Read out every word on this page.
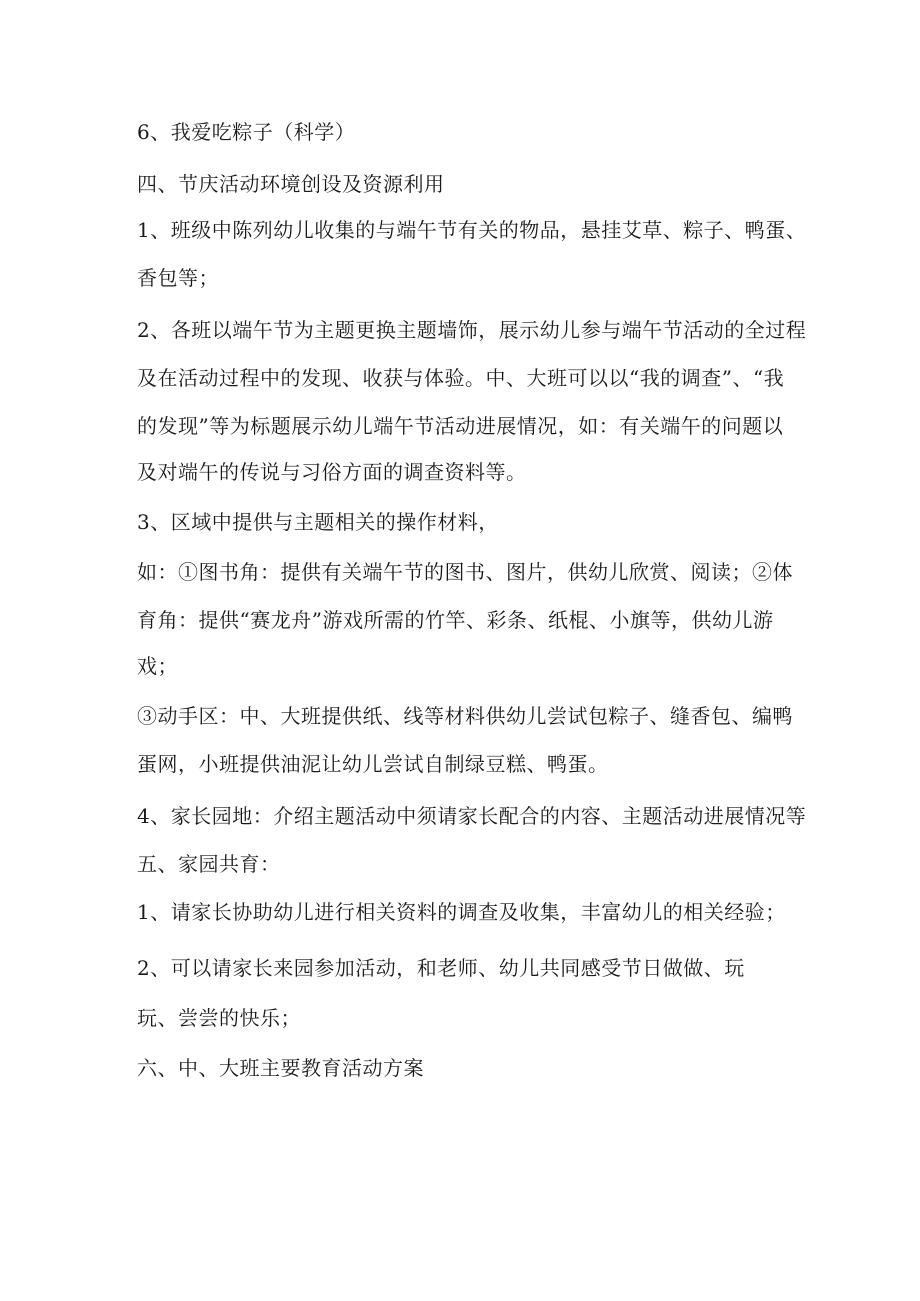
6、我爱吃粽子（科学）
四、节庆活动环境创设及资源利用
1、班级中陈列幼儿收集的与端午节有关的物品，悬挂艾草、粽子、鸭蛋、
香包等；
2、各班以端午节为主题更换主题墙饰，展示幼儿参与端午节活动的全过程
及在活动过程中的发现、收获与体验。中、大班可以以“我的调查”、“我
的发现”等为标题展示幼儿端午节活动进展情况，如：有关端午的问题以
及对端午的传说与习俗方面的调查资料等。
3、区域中提供与主题相关的操作材料，
如：①图书角：提供有关端午节的图书、图片，供幼儿欣赏、阅读；②体
育角：提供“赛龙舟”游戏所需的竹竿、彩条、纸棍、小旗等，供幼儿游
戏；
③动手区：中、大班提供纸、线等材料供幼儿尝试包粽子、缝香包、编鸭
蛋网，小班提供油泥让幼儿尝试自制绿豆糕、鸭蛋。
4、家长园地：介绍主题活动中须请家长配合的内容、主题活动进展情况等
五、家园共育：
1、请家长协助幼儿进行相关资料的调查及收集，丰富幼儿的相关经验；
2、可以请家长来园参加活动，和老师、幼儿共同感受节日做做、玩
玩、尝尝的快乐；
六、中、大班主要教育活动方案
